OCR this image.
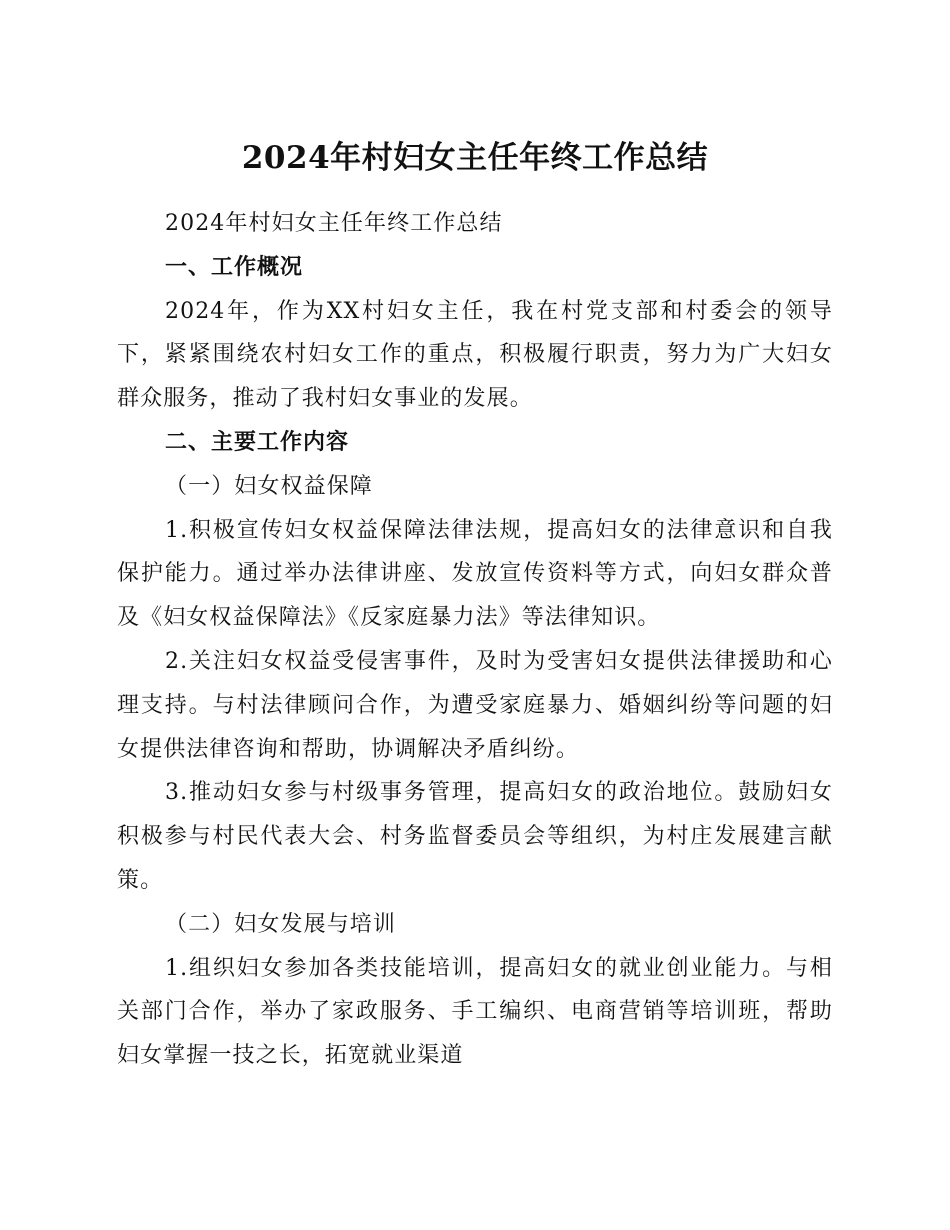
2024年村妇女主任年终工作总结

2024年村妇女主任年终工作总结

一、工作概况

2024年，作为XX村妇女主任，我在村党支部和村委会的领导下，紧紧围绕农村妇女工作的重点，积极履行职责，努力为广大妇女群众服务，推动了我村妇女事业的发展。

二、主要工作内容

（一）妇女权益保障

1.积极宣传妇女权益保障法律法规，提高妇女的法律意识和自我保护能力。通过举办法律讲座、发放宣传资料等方式，向妇女群众普及《妇女权益保障法》《反家庭暴力法》等法律知识。

2.关注妇女权益受侵害事件，及时为受害妇女提供法律援助和心理支持。与村法律顾问合作，为遭受家庭暴力、婚姻纠纷等问题的妇女提供法律咨询和帮助，协调解决矛盾纠纷。

3.推动妇女参与村级事务管理，提高妇女的政治地位。鼓励妇女积极参与村民代表大会、村务监督委员会等组织，为村庄发展建言献策。

（二）妇女发展与培训

1.组织妇女参加各类技能培训，提高妇女的就业创业能力。与相关部门合作，举办了家政服务、手工编织、电商营销等培训班，帮助妇女掌握一技之长，拓宽就业渠道
